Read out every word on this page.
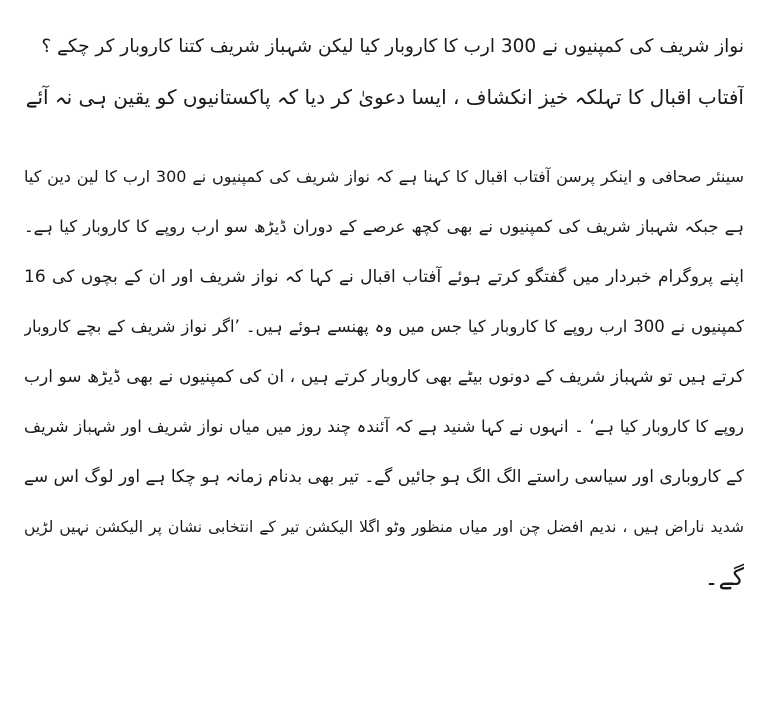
نواز شریف کی کمپنیوں نے 300 ارب کا کاروبار کیا لیکن شہباز شریف کتنا کاروبار کر چکے ؟
آفتاب اقبال کا تہلکہ خیز انکشاف ، ایسا دعویٰ کر دیا کہ پاکستانیوں کو یقین ہی نہ آئے
سینئر صحافی و اینکر پرسن آفتاب اقبال کا کہنا ہے کہ نواز شریف کی کمپنیوں نے 300 ارب کا لین دین کیا
ہے جبکہ شہباز شریف کی کمپنیوں نے بھی کچھ عرصے کے دوران ڈیڑھ سو ارب روپے کا کاروبار کیا ہے۔
اپنے پروگرام خبردار میں گفتگو کرتے ہوئے آفتاب اقبال نے کہا کہ نواز شریف اور ان کے بچوں کی 16
کمپنیوں نے 300 ارب روپے کا کاروبار کیا جس میں وہ پھنسے ہوئے ہیں۔ ’اگر نواز شریف کے بچے کاروبار
کرتے ہیں تو شہباز شریف کے دونوں بیٹے بھی کاروبار کرتے ہیں ، ان کی کمپنیوں نے بھی ڈیڑھ سو ارب
روپے کا کاروبار کیا ہے‘ ۔ انہوں نے کہا شنید ہے کہ آئندہ چند روز میں میاں نواز شریف اور شہباز شریف
کے کاروباری اور سیاسی راستے الگ الگ ہو جائیں گے۔ تیر بھی بدنام زمانہ ہو چکا ہے اور لوگ اس سے
شدید ناراض ہیں ، ندیم افضل چن اور میاں منظور وٹو اگلا الیکشن تیر کے انتخابی نشان پر الیکشن نہیں لڑیں
گے۔
